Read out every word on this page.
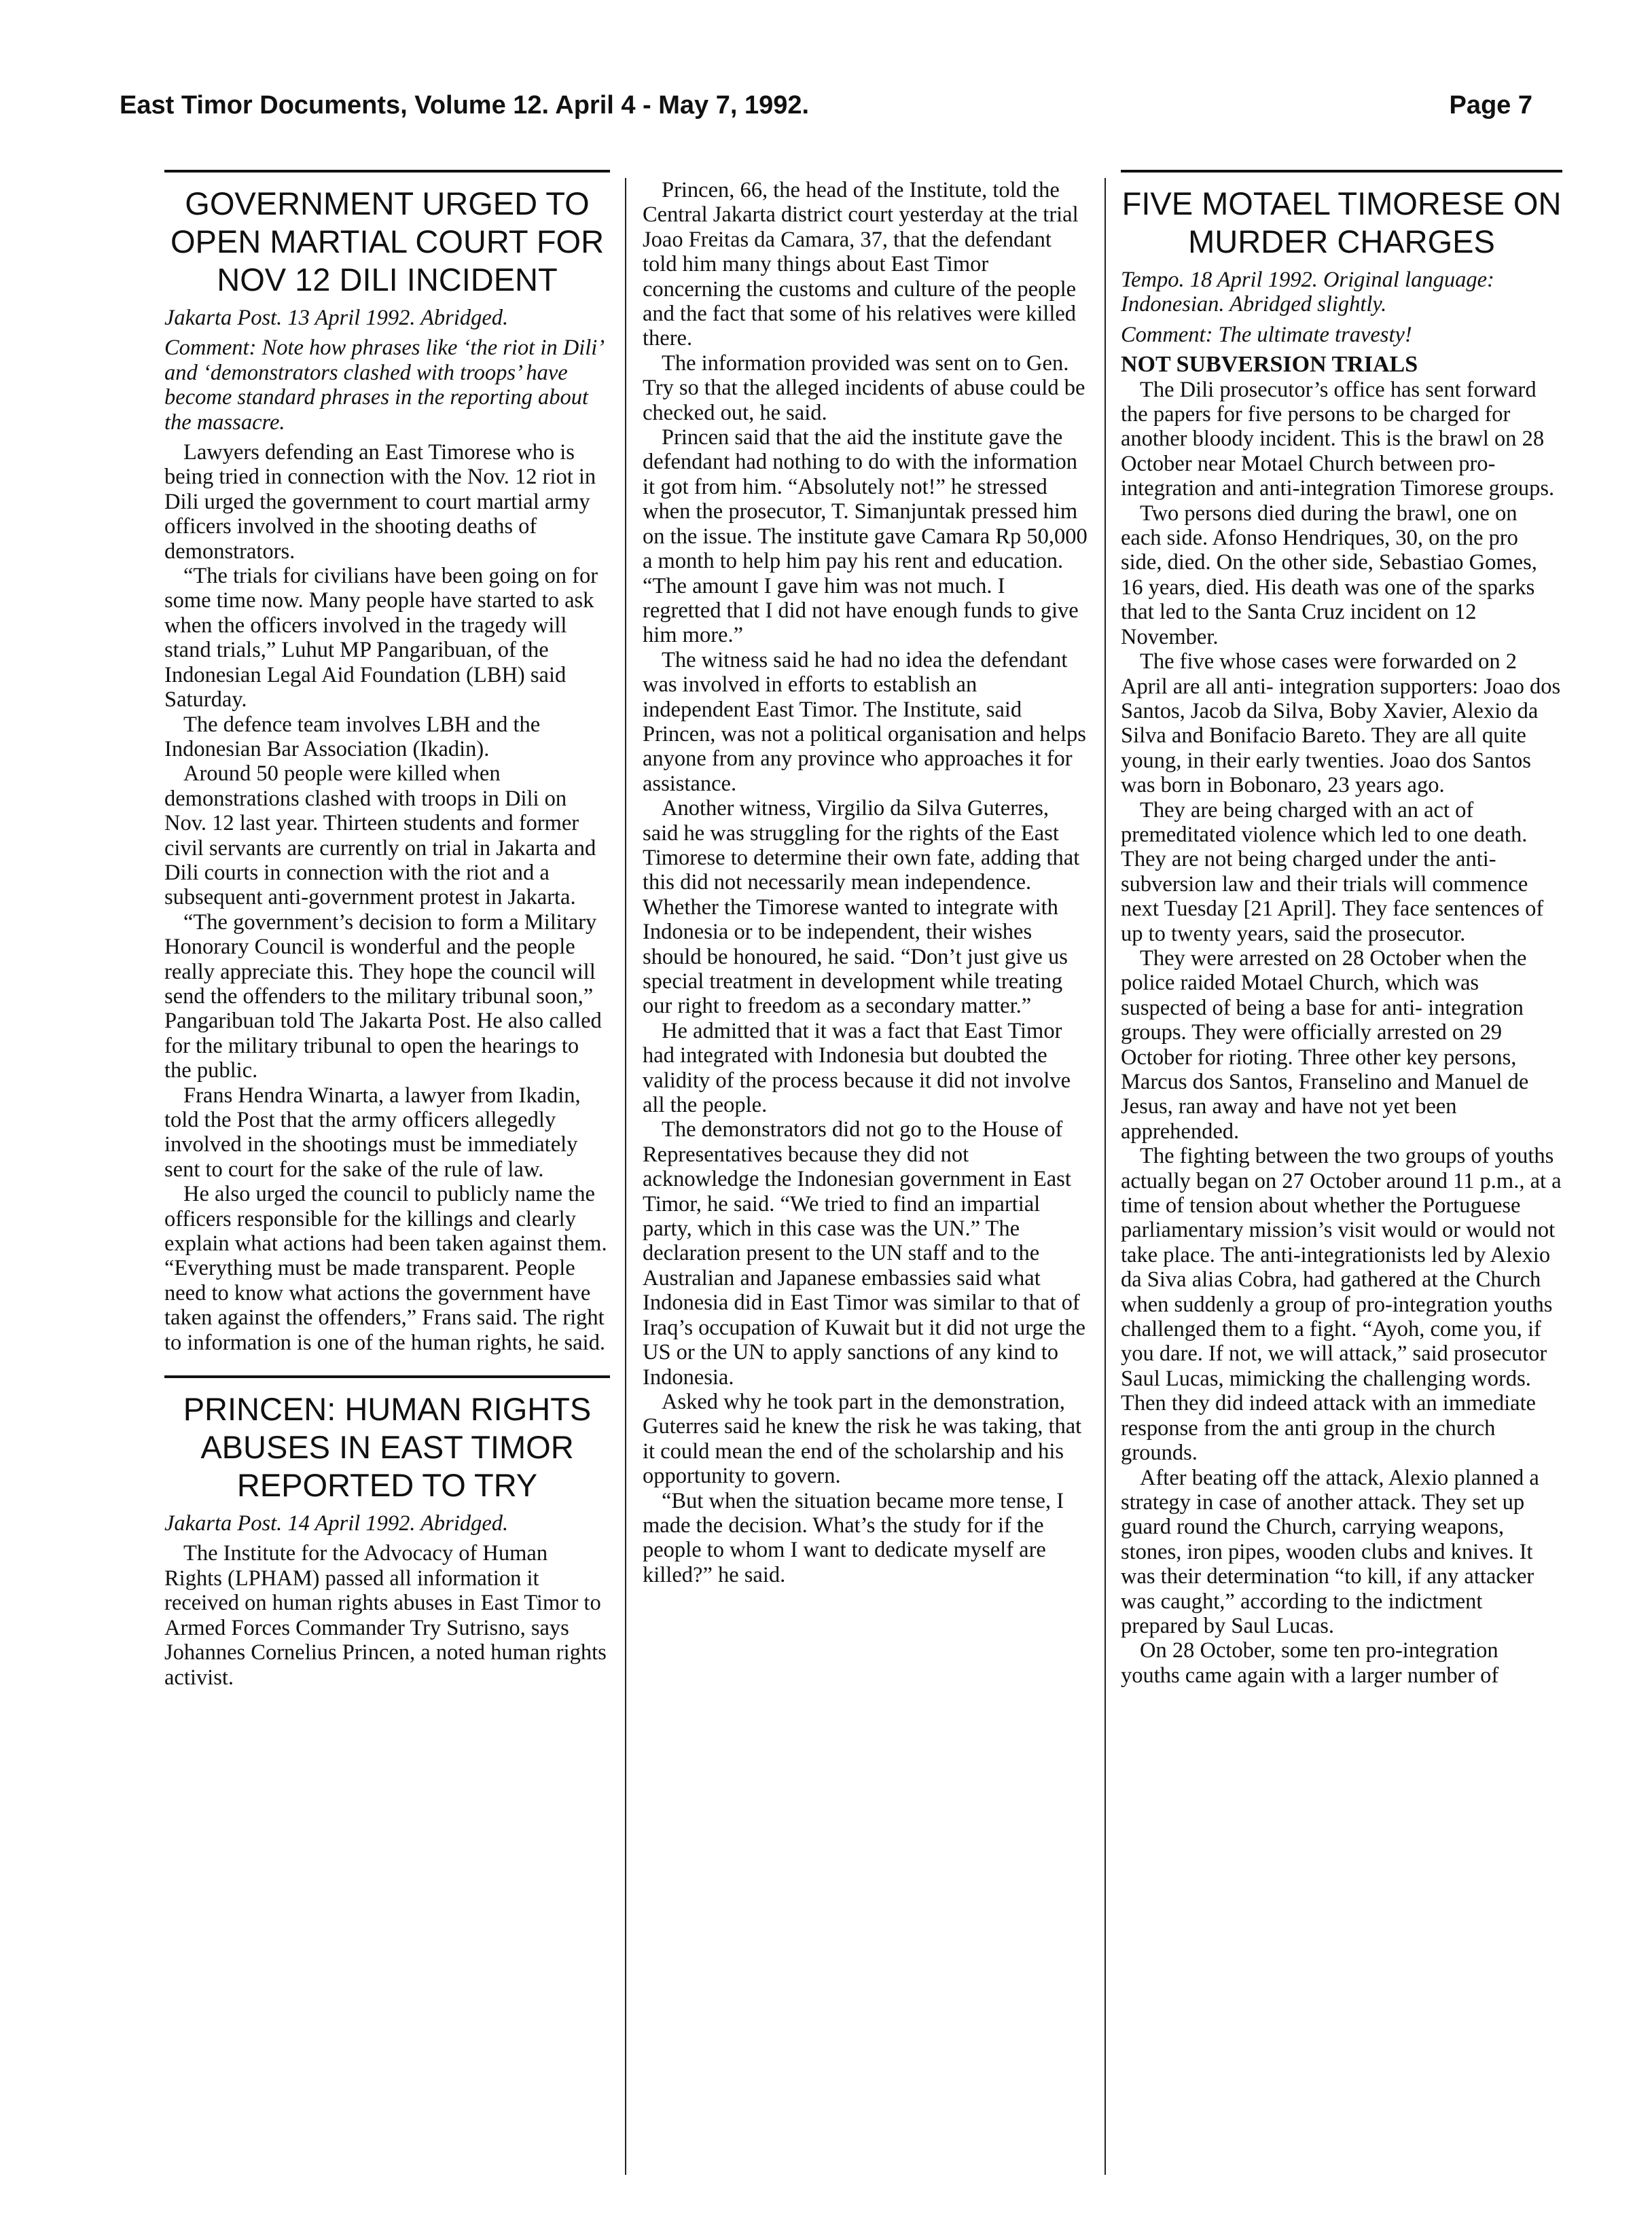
East Timor Documents, Volume 12. April 4 - May 7, 1992.	Page 7
GOVERNMENT URGED TO OPEN MARTIAL COURT FOR NOV 12 DILI INCIDENT
Jakarta Post. 13 April 1992. Abridged.
Comment: Note how phrases like ‘the riot in Dili’ and ‘demonstrators clashed with troops’ have become standard phrases in the reporting about the massacre.

Lawyers defending an East Timorese who is being tried in connection with the Nov. 12 riot in Dili urged the government to court martial army officers involved in the shooting deaths of demonstrators.

“The trials for civilians have been going on for some time now. Many people have started to ask when the officers involved in the tragedy will stand trials,” Luhut MP Pangaribuan, of the Indonesian Legal Aid Foundation (LBH) said Saturday.

The defence team involves LBH and the Indonesian Bar Association (Ikadin).

Around 50 people were killed when demonstrations clashed with troops in Dili on Nov. 12 last year. Thirteen students and former civil servants are currently on trial in Jakarta and Dili courts in connection with the riot and a subsequent anti-government protest in Jakarta.

“The government’s decision to form a Military Honorary Council is wonderful and the people really appreciate this. They hope the council will send the offenders to the military tribunal soon,” Pangaribuan told The Jakarta Post. He also called for the military tribunal to open the hearings to the public.

Frans Hendra Winarta, a lawyer from Ikadin, told the Post that the army officers allegedly involved in the shootings must be immediately sent to court for the sake of the rule of law.

He also urged the council to publicly name the officers responsible for the killings and clearly explain what actions had been taken against them. “Everything must be made transparent. People need to know what actions the government have taken against the offenders,” Frans said. The right to information is one of the human rights, he said.

PRINCEN: HUMAN RIGHTS ABUSES IN EAST TIMOR REPORTED TO TRY
Jakarta Post. 14 April 1992. Abridged.

The Institute for the Advocacy of Human Rights (LPHAM) passed all information it received on human rights abuses in East Timor to Armed Forces Commander Try Sutrisno, says Johannes Cornelius Princen, a noted human rights activist.

Princen, 66, the head of the Institute, told the Central Jakarta district court yesterday at the trial Joao Freitas da Camara, 37, that the defendant told him many things about East Timor concerning the customs and culture of the people and the fact that some of his relatives were killed there.

The information provided was sent on to Gen. Try so that the alleged incidents of abuse could be checked out, he said.

Princen said that the aid the institute gave the defendant had nothing to do with the information it got from him. “Absolutely not!” he stressed when the prosecutor, T. Simanjuntak pressed him on the issue. The institute gave Camara Rp 50,000 a month to help him pay his rent and education. “The amount I gave him was not much. I regretted that I did not have enough funds to give him more.”

The witness said he had no idea the defendant was involved in efforts to establish an independent East Timor. The Institute, said Princen, was not a political organisation and helps anyone from any province who approaches it for assistance.

Another witness, Virgilio da Silva Guterres, said he was struggling for the rights of the East Timorese to determine their own fate, adding that this did not necessarily mean independence. Whether the Timorese wanted to integrate with Indonesia or to be independent, their wishes should be honoured, he said. “Don’t just give us special treatment in development while treating our right to freedom as a secondary matter.”

He admitted that it was a fact that East Timor had integrated with Indonesia but doubted the validity of the process because it did not involve all the people.

The demonstrators did not go to the House of Representatives because they did not acknowledge the Indonesian government in East Timor, he said. “We tried to find an impartial party, which in this case was the UN.” The declaration present to the UN staff and to the Australian and Japanese embassies said what Indonesia did in East Timor was similar to that of Iraq’s occupation of Kuwait but it did not urge the US or the UN to apply sanctions of any kind to Indonesia.

Asked why he took part in the demonstration, Guterres said he knew the risk he was taking, that it could mean the end of the scholarship and his opportunity to govern.

“But when the situation became more tense, I made the decision. What’s the study for if the people to whom I want to dedicate myself are killed?” he said.

FIVE MOTAEL TIMORESE ON MURDER CHARGES
Tempo. 18 April 1992. Original language: Indonesian. Abridged slightly.
Comment: The ultimate travesty!
NOT SUBVERSION TRIALS

The Dili prosecutor’s office has sent forward the papers for five persons to be charged for another bloody incident. This is the brawl on 28 October near Motael Church between pro-integration and anti-integration Timorese groups.

Two persons died during the brawl, one on each side. Afonso Hendriques, 30, on the pro side, died. On the other side, Sebastiao Gomes, 16 years, died. His death was one of the sparks that led to the Santa Cruz incident on 12 November.

The five whose cases were forwarded on 2 April are all anti- integration supporters: Joao dos Santos, Jacob da Silva, Boby Xavier, Alexio da Silva and Bonifacio Bareto. They are all quite young, in their early twenties. Joao dos Santos was born in Bobonaro, 23 years ago.

They are being charged with an act of premeditated violence which led to one death. They are not being charged under the anti-subversion law and their trials will commence next Tuesday [21 April]. They face sentences of up to twenty years, said the prosecutor.

They were arrested on 28 October when the police raided Motael Church, which was suspected of being a base for anti- integration groups. They were officially arrested on 29 October for rioting. Three other key persons, Marcus dos Santos, Franselino and Manuel de Jesus, ran away and have not yet been apprehended.

The fighting between the two groups of youths actually began on 27 October around 11 p.m., at a time of tension about whether the Portuguese parliamentary mission’s visit would or would not take place. The anti-integrationists led by Alexio da Siva alias Cobra, had gathered at the Church when suddenly a group of pro-integration youths challenged them to a fight. “Ayoh, come you, if you dare. If not, we will attack,” said prosecutor Saul Lucas, mimicking the challenging words. Then they did indeed attack with an immediate response from the anti group in the church grounds.

After beating off the attack, Alexio planned a strategy in case of another attack. They set up guard round the Church, carrying weapons, stones, iron pipes, wooden clubs and knives. It was their determination “to kill, if any attacker was caught,” according to the indictment prepared by Saul Lucas.

On 28 October, some ten pro-integration youths came again with a larger number of
